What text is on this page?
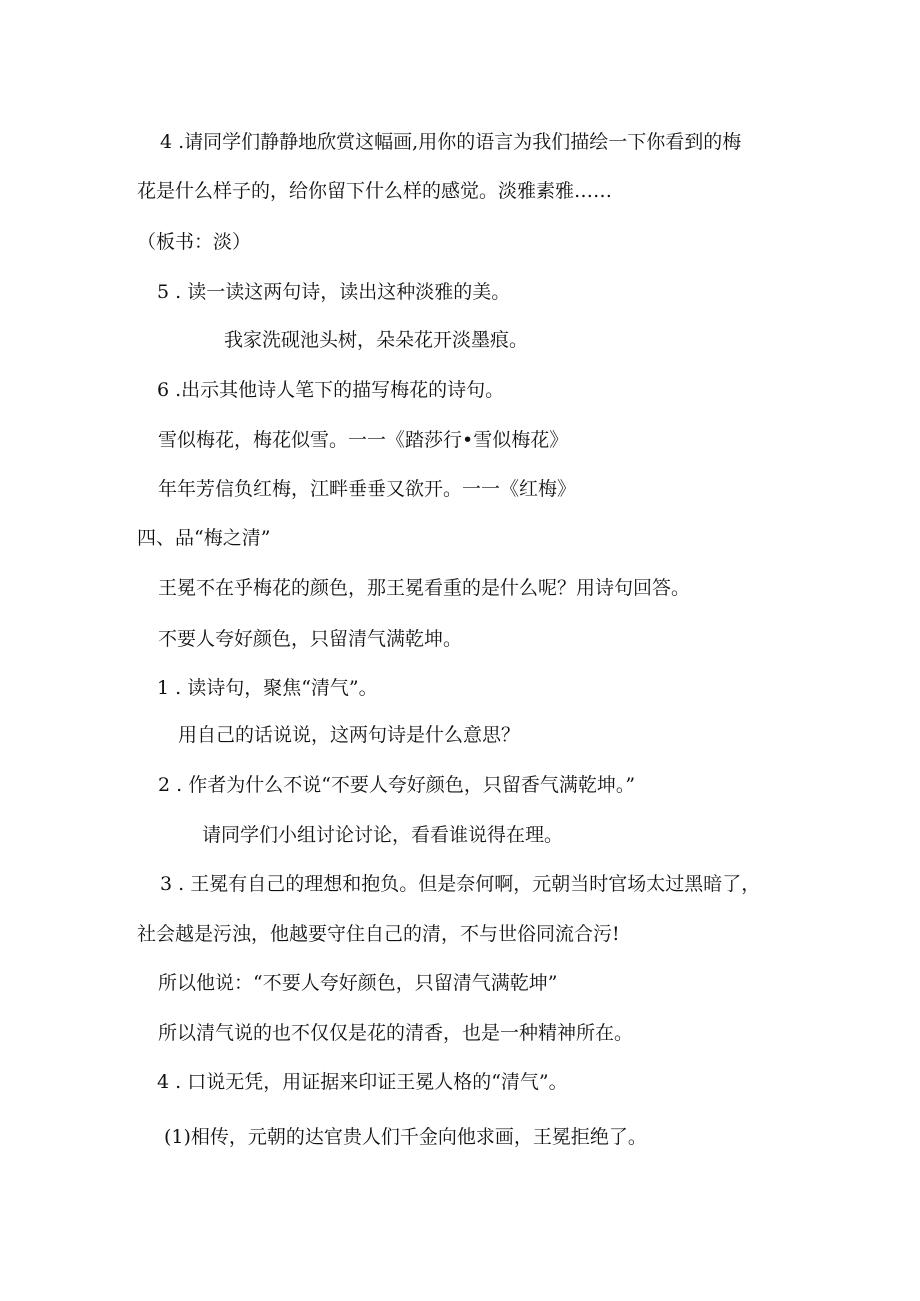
4 .请同学们静静地欣赏这幅画,用你的语言为我们描绘一下你看到的梅

花是什么样子的，给你留下什么样的感觉。淡雅素雅……

（板书：淡）

5 . 读一读这两句诗，读出这种淡雅的美。

我家洗砚池头树，朵朵花开淡墨痕。

6 .出示其他诗人笔下的描写梅花的诗句。

雪似梅花，梅花似雪。一一《踏莎行•雪似梅花》

年年芳信负红梅，江畔垂垂又欲开。一一《红梅》

四、品“梅之清”

王冕不在乎梅花的颜色，那王冕看重的是什么呢？用诗句回答。

不要人夸好颜色，只留清气满乾坤。

1 . 读诗句，聚焦“清气”。

用自己的话说说，这两句诗是什么意思？

2 . 作者为什么不说“不要人夸好颜色，只留香气满乾坤。”

请同学们小组讨论讨论，看看谁说得在理。

3 . 王冕有自己的理想和抱负。但是奈何啊，元朝当时官场太过黑暗了，

社会越是污浊，他越要守住自己的清，不与世俗同流合污!

所以他说：“不要人夸好颜色，只留清气满乾坤”

所以清气说的也不仅仅是花的清香，也是一种精神所在。

4 . 口说无凭，用证据来印证王冕人格的“清气”。

(1)相传，元朝的达官贵人们千金向他求画，王冕拒绝了。
